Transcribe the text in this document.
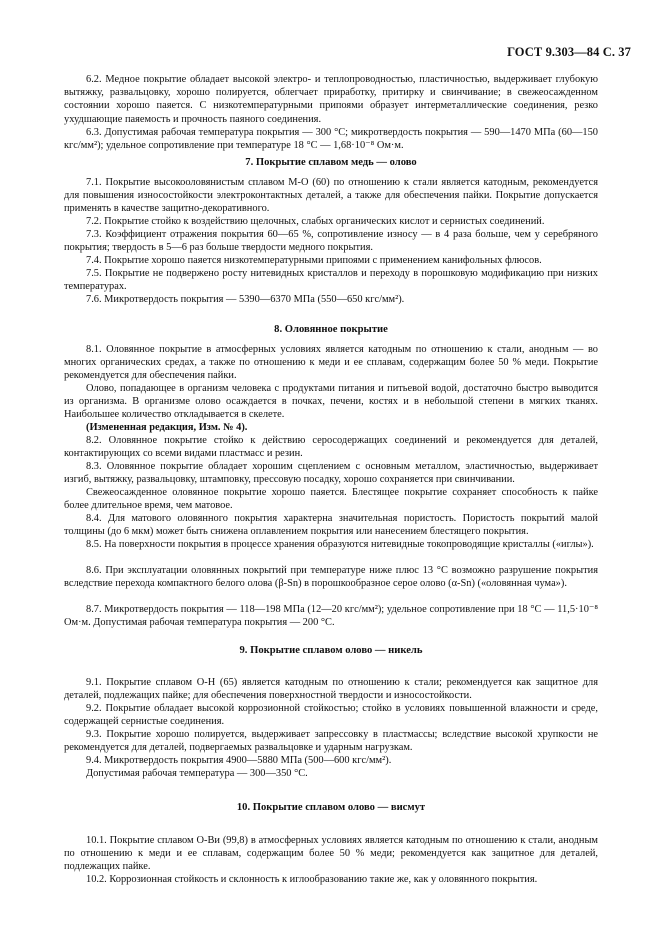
ГОСТ 9.303—84 С. 37

6.2. Медное покрытие обладает высокой электро- и теплопроводностью, пластичностью, выдерживает глубокую вытяжку, развальцовку, хорошо полируется, облегчает приработку, притирку и свинчивание; в свежеосажденном состоянии хорошо паяется. С низкотемпературными припоями образует интерметаллические соединения, резко ухудшающие паяемость и прочность паяного соединения.

6.3. Допустимая рабочая температура покрытия — 300 °С; микротвердость покрытия — 590—1470 МПа (60—150 кгс/мм²); удельное сопротивление при температуре 18 °С — 1,68·10⁻⁸ Ом·м.

7. Покрытие сплавом медь — олово

7.1. Покрытие высокооловянистым сплавом М-О (60) по отношению к стали является катодным, рекомендуется для повышения износостойкости электроконтактных деталей, а также для обеспечения пайки. Покрытие допускается применять в качестве защитно-декоративного.

7.2. Покрытие стойко к воздействию щелочных, слабых органических кислот и сернистых соединений.

7.3. Коэффициент отражения покрытия 60—65 %, сопротивление износу — в 4 раза больше, чем у серебряного покрытия; твердость в 5—6 раз больше твердости медного покрытия.

7.4. Покрытие хорошо паяется низкотемпературными припоями с применением канифольных флюсов.

7.5. Покрытие не подвержено росту нитевидных кристаллов и переходу в порошковую модификацию при низких температурах.

7.6. Микротвердость покрытия — 5390—6370 МПа (550—650 кгс/мм²).

8. Оловянное покрытие

8.1. Оловянное покрытие в атмосферных условиях является катодным по отношению к стали, анодным — во многих органических средах, а также по отношению к меди и ее сплавам, содержащим более 50 % меди. Покрытие рекомендуется для обеспечения пайки.

Олово, попадающее в организм человека с продуктами питания и питьевой водой, достаточно быстро выводится из организма. В организме олово осаждается в почках, печени, костях и в небольшой степени в мягких тканях. Наибольшее количество откладывается в скелете.

(Измененная редакция, Изм. № 4).

8.2. Оловянное покрытие стойко к действию серосодержащих соединений и рекомендуется для деталей, контактирующих со всеми видами пластмасс и резин.

8.3. Оловянное покрытие обладает хорошим сцеплением с основным металлом, эластичностью, выдерживает изгиб, вытяжку, развальцовку, штамповку, прессовую посадку, хорошо сохраняется при свинчивании.

Свежеосажденное оловянное покрытие хорошо паяется. Блестящее покрытие сохраняет способность к пайке более длительное время, чем матовое.

8.4. Для матового оловянного покрытия характерна значительная пористость. Пористость покрытий малой толщины (до 6 мкм) может быть снижена оплавлением покрытия или нанесением блестящего покрытия.

8.5. На поверхности покрытия в процессе хранения образуются нитевидные токопроводящие кристаллы («иглы»).

8.6. При эксплуатации оловянных покрытий при температуре ниже плюс 13 °С возможно разрушение покрытия вследствие перехода компактного белого олова (β-Sn) в порошкообразное серое олово (α-Sn) («оловянная чума»).

8.7. Микротвердость покрытия — 118—198 МПа (12—20 кгс/мм²); удельное сопротивление при 18 °С — 11,5·10⁻⁸ Ом·м. Допустимая рабочая температура покрытия — 200 °С.

9. Покрытие сплавом олово — никель

9.1. Покрытие сплавом О-Н (65) является катодным по отношению к стали; рекомендуется как защитное для деталей, подлежащих пайке; для обеспечения поверхностной твердости и износостойкости.

9.2. Покрытие обладает высокой коррозионной стойкостью; стойко в условиях повышенной влажности и среде, содержащей сернистые соединения.

9.3. Покрытие хорошо полируется, выдерживает запрессовку в пластмассы; вследствие высокой хрупкости не рекомендуется для деталей, подвергаемых развальцовке и ударным нагрузкам.

9.4. Микротвердость покрытия 4900—5880 МПа (500—600 кгс/мм²).

Допустимая рабочая температура — 300—350 °С.

10. Покрытие сплавом олово — висмут

10.1. Покрытие сплавом О-Ви (99,8) в атмосферных условиях является катодным по отношению к стали, анодным по отношению к меди и ее сплавам, содержащим более 50 % меди; рекомендуется как защитное для деталей, подлежащих пайке.

10.2. Коррозионная стойкость и склонность к иглообразованию такие же, как у оловянного покрытия.
